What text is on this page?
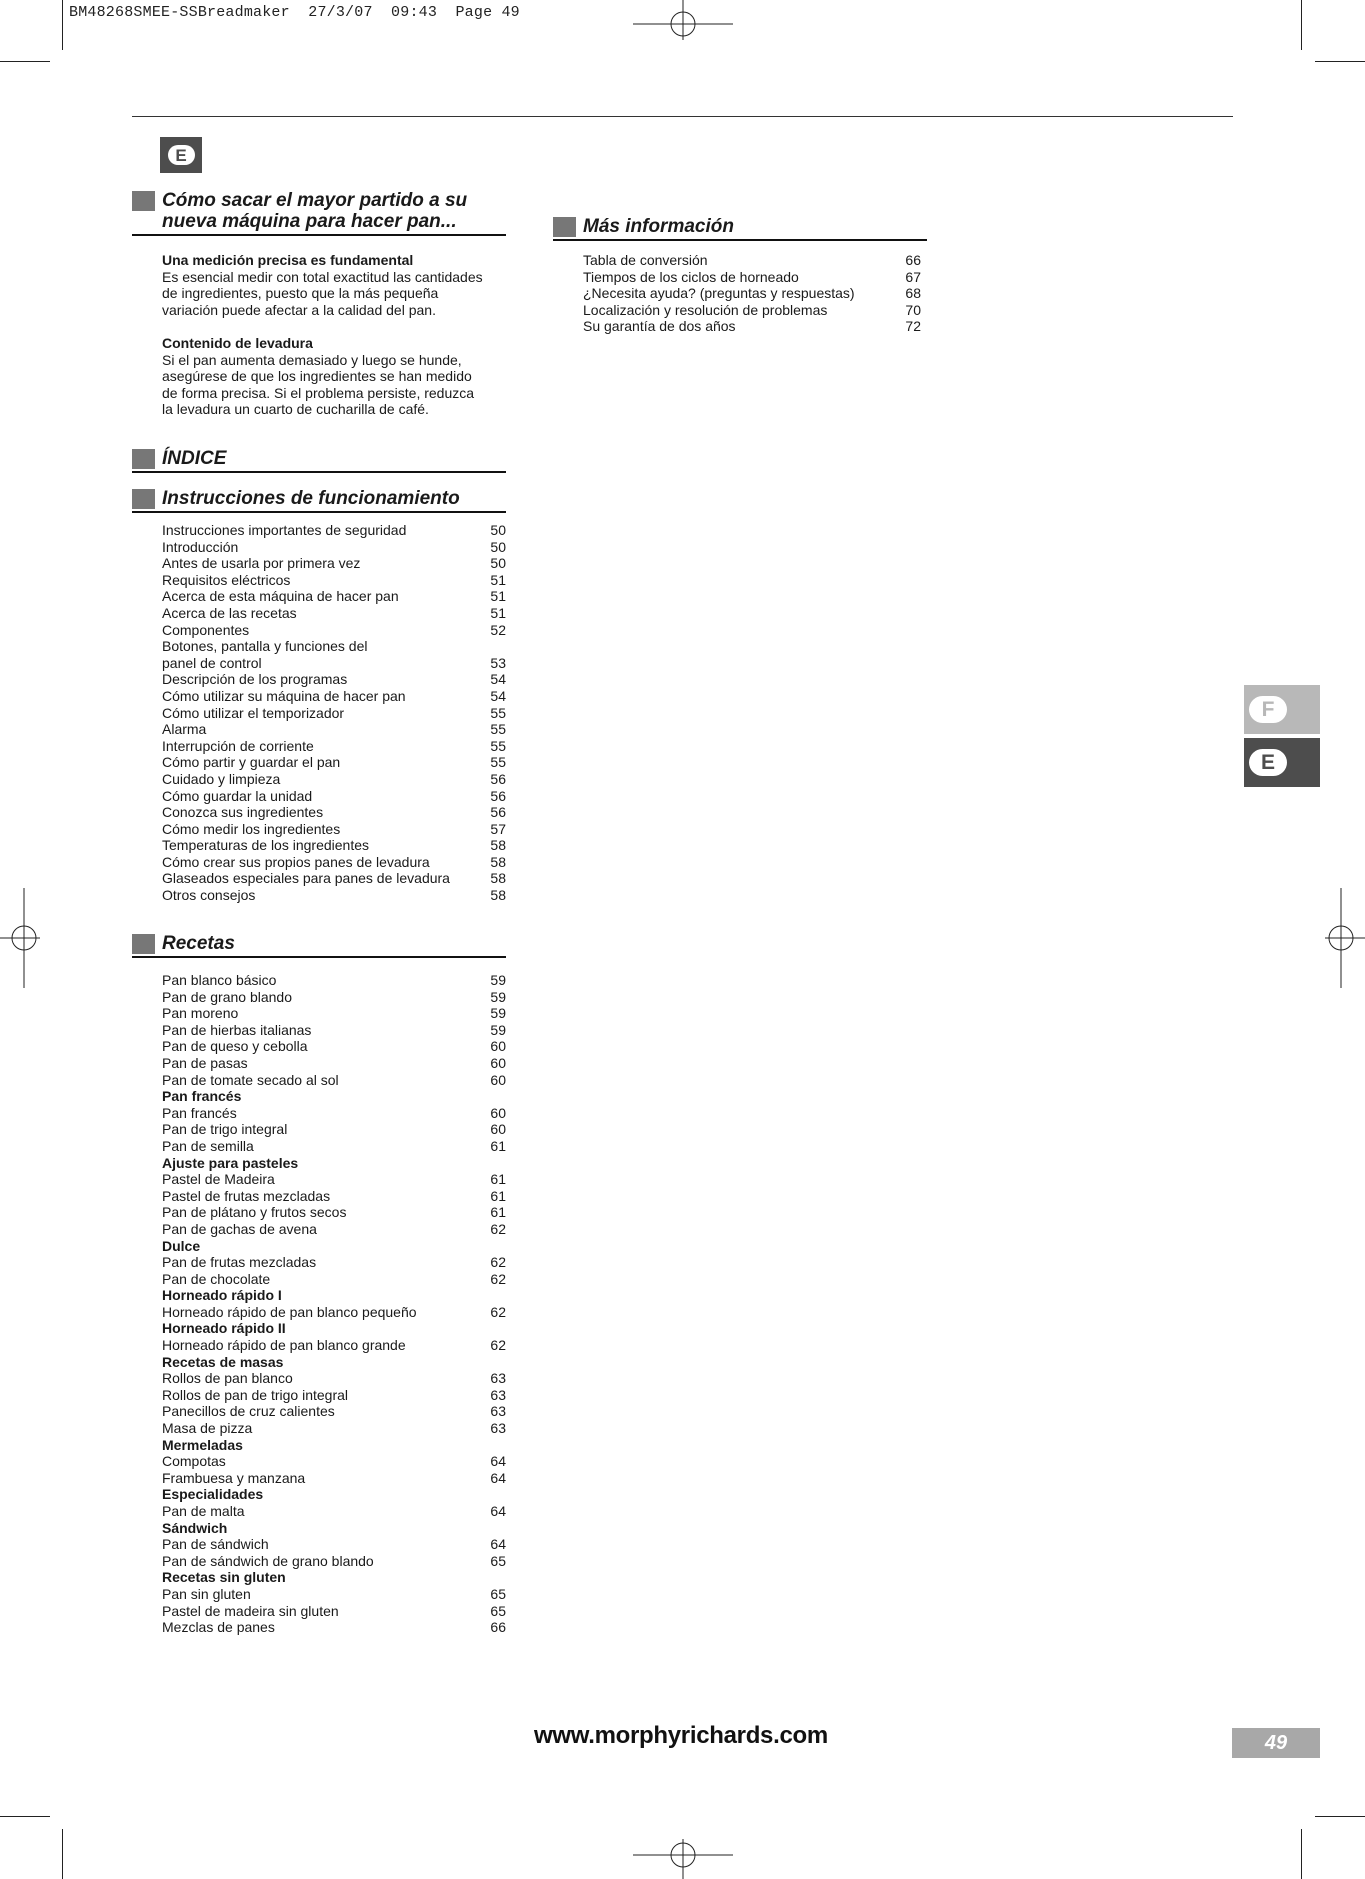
BM48268SMEE-SSBreadmaker  27/3/07  09:43  Page 49
E
Cómo sacar el mayor partido a su
nueva máquina para hacer pan...
Una medición precisa es fundamental
Es esencial medir con total exactitud las cantidades
de ingredientes, puesto que la más pequeña
variación puede afectar a la calidad del pan.
Contenido de levadura
Si el pan aumenta demasiado y luego se hunde,
asegúrese de que los ingredientes se han medido
de forma precisa. Si el problema persiste, reduzca
la levadura un cuarto de cucharilla de café.
ÍNDICE
Instrucciones de funcionamiento
Instrucciones importantes de seguridad	50
Introducción	50
Antes de usarla por primera vez	50
Requisitos eléctricos	51
Acerca de esta máquina de hacer pan	51
Acerca de las recetas	51
Componentes	52
Botones, pantalla y funciones del
panel de control	53
Descripción de los programas	54
Cómo utilizar su máquina de hacer pan	54
Cómo utilizar el temporizador	55
Alarma	55
Interrupción de corriente	55
Cómo partir y guardar el pan	55
Cuidado y limpieza	56
Cómo guardar la unidad	56
Conozca sus ingredientes	56
Cómo medir los ingredientes	57
Temperaturas de los ingredientes	58
Cómo crear sus propios panes de levadura	58
Glaseados especiales para panes de levadura	58
Otros consejos	58
Recetas
Pan blanco básico	59
Pan de grano blando	59
Pan moreno	59
Pan de hierbas italianas	59
Pan de queso y cebolla	60
Pan de pasas	60
Pan de tomate secado al sol	60
Pan francés
Pan francés	60
Pan de trigo integral	60
Pan de semilla	61
Ajuste para pasteles
Pastel de Madeira	61
Pastel de frutas mezcladas	61
Pan de plátano y frutos secos	61
Pan de gachas de avena	62
Dulce
Pan de frutas mezcladas	62
Pan de chocolate	62
Horneado rápido I
Horneado rápido de pan blanco pequeño	62
Horneado rápido II
Horneado rápido de pan blanco grande	62
Recetas de masas
Rollos de pan blanco	63
Rollos de pan de trigo integral	63
Panecillos de cruz calientes	63
Masa de pizza	63
Mermeladas
Compotas	64
Frambuesa y manzana	64
Especialidades
Pan de malta	64
Sándwich
Pan de sándwich	64
Pan de sándwich de grano blando	65
Recetas sin gluten
Pan sin gluten	65
Pastel de madeira sin gluten	65
Mezclas de panes	66
Más información
Tabla de conversión	66
Tiempos de los ciclos de horneado	67
¿Necesita ayuda? (preguntas y respuestas)	68
Localización y resolución de problemas	70
Su garantía de dos años	72
F
E
www.morphyrichards.com	49
